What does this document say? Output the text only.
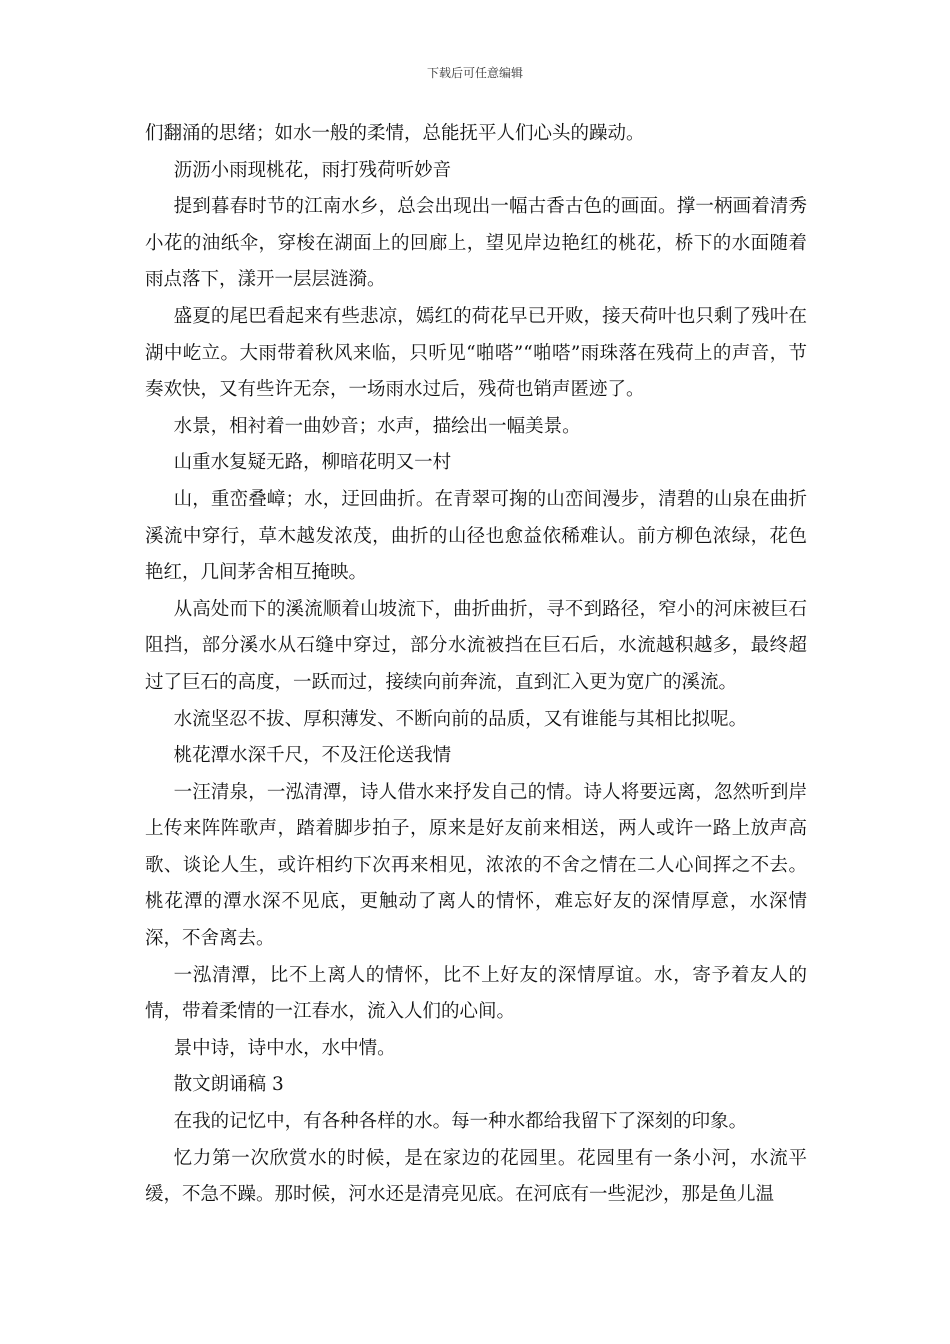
下载后可任意编辑

们翻涌的思绪；如水一般的柔情，总能抚平人们心头的躁动。

沥沥小雨现桃花，雨打残荷听妙音

提到暮春时节的江南水乡，总会出现出一幅古香古色的画面。撑一柄画着清秀小花的油纸伞，穿梭在湖面上的回廊上，望见岸边艳红的桃花，桥下的水面随着雨点落下，漾开一层层涟漪。

盛夏的尾巴看起来有些悲凉，嫣红的荷花早已开败，接天荷叶也只剩了残叶在湖中屹立。大雨带着秋风来临，只听见“啪嗒”“啪嗒”雨珠落在残荷上的声音，节奏欢快，又有些许无奈，一场雨水过后，残荷也销声匿迹了。

水景，相衬着一曲妙音；水声，描绘出一幅美景。

山重水复疑无路，柳暗花明又一村

山，重峦叠嶂；水，迂回曲折。在青翠可掬的山峦间漫步，清碧的山泉在曲折溪流中穿行，草木越发浓茂，曲折的山径也愈益依稀难认。前方柳色浓绿，花色艳红，几间茅舍相互掩映。

从高处而下的溪流顺着山坡流下，曲折曲折，寻不到路径，窄小的河床被巨石阻挡，部分溪水从石缝中穿过，部分水流被挡在巨石后，水流越积越多，最终超过了巨石的高度，一跃而过，接续向前奔流，直到汇入更为宽广的溪流。

水流坚忍不拔、厚积薄发、不断向前的品质，又有谁能与其相比拟呢。

桃花潭水深千尺，不及汪伦送我情

一汪清泉，一泓清潭，诗人借水来抒发自己的情。诗人将要远离，忽然听到岸上传来阵阵歌声，踏着脚步拍子，原来是好友前来相送，两人或许一路上放声高歌、谈论人生，或许相约下次再来相见，浓浓的不舍之情在二人心间挥之不去。桃花潭的潭水深不见底，更触动了离人的情怀，难忘好友的深情厚意，水深情深，不舍离去。

一泓清潭，比不上离人的情怀，比不上好友的深情厚谊。水，寄予着友人的情，带着柔情的一江春水，流入人们的心间。

景中诗，诗中水，水中情。

散文朗诵稿 3

在我的记忆中，有各种各样的水。每一种水都给我留下了深刻的印象。

忆力第一次欣赏水的时候，是在家边的花园里。花园里有一条小河，水流平缓，不急不躁。那时候，河水还是清亮见底。在河底有一些泥沙，那是鱼儿温
